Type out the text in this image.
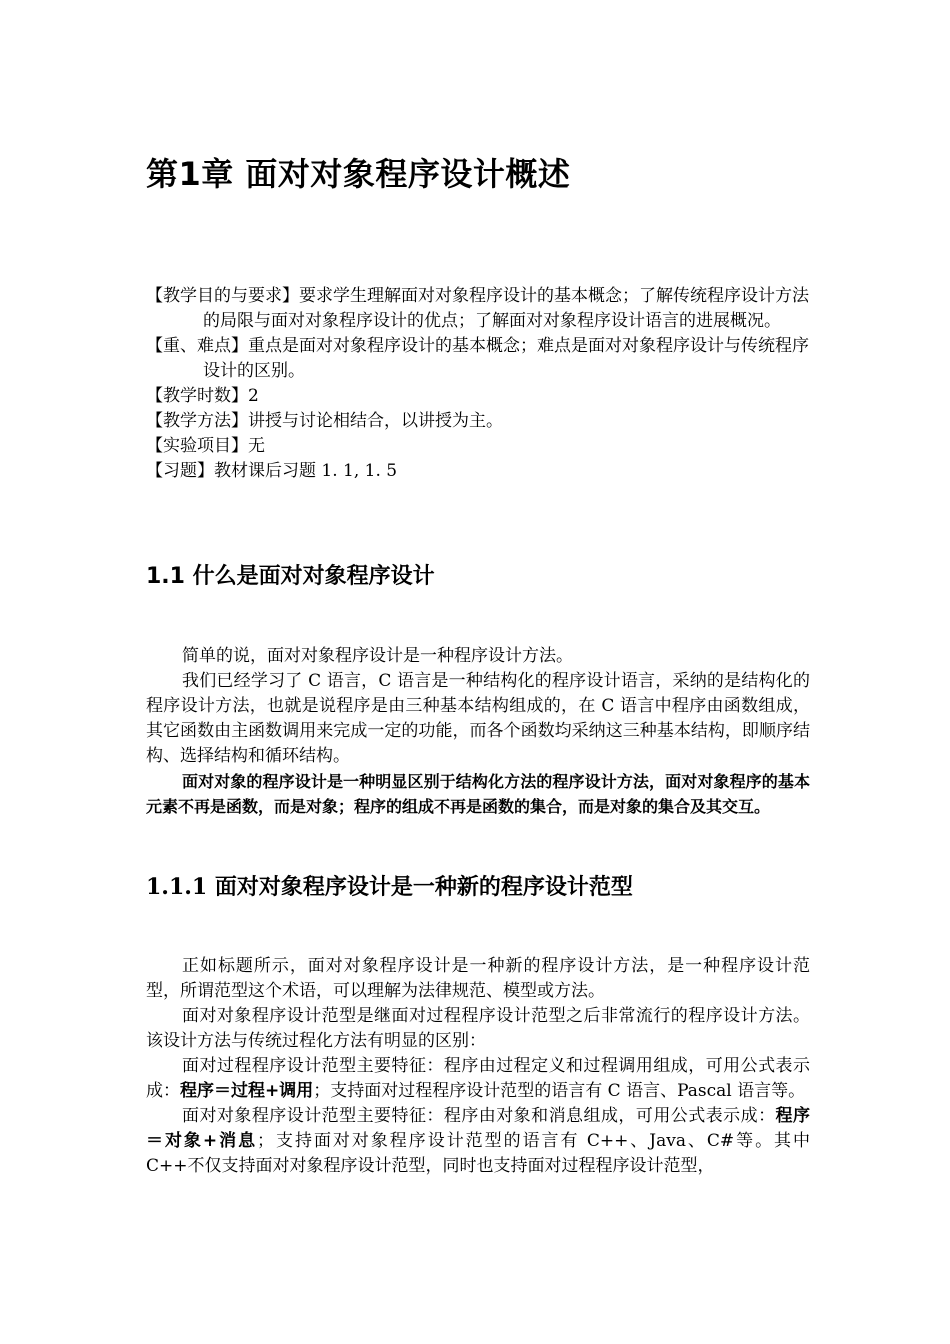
第1章 面对对象程序设计概述
【教学目的与要求】要求学生理解面对对象程序设计的基本概念；了解传统程序设计方法的局限与面对对象程序设计的优点；了解面对对象程序设计语言的进展概况。
【重、难点】重点是面对对象程序设计的基本概念；难点是面对对象程序设计与传统程序设计的区别。
【教学时数】2
【教学方法】讲授与讨论相结合，以讲授为主。
【实验项目】无
【习题】教材课后习题 1. 1, 1. 5
1.1 什么是面对对象程序设计

简单的说，面对对象程序设计是一种程序设计方法。

我们已经学习了 C 语言，C 语言是一种结构化的程序设计语言，采纳的是结构化的程序设计方法，也就是说程序是由三种基本结构组成的，在 C 语言中程序由函数组成，其它函数由主函数调用来完成一定的功能，而各个函数均采纳这三种基本结构，即顺序结构、选择结构和循环结构。

面对对象的程序设计是一种明显区别于结构化方法的程序设计方法，面对对象程序的基本元素不再是函数，而是对象；程序的组成不再是函数的集合，而是对象的集合及其交互。

1.1.1 面对对象程序设计是一种新的程序设计范型

正如标题所示，面对对象程序设计是一种新的程序设计方法，是一种程序设计范型，所谓范型这个术语，可以理解为法律规范、模型或方法。

面对对象程序设计范型是继面对过程程序设计范型之后非常流行的程序设计方法。该设计方法与传统过程化方法有明显的区别：

面对过程程序设计范型主要特征：程序由过程定义和过程调用组成，可用公式表示成：程序＝过程+调用；支持面对过程程序设计范型的语言有 C 语言、Pascal 语言等。

面对对象程序设计范型主要特征：程序由对象和消息组成，可用公式表示成：程序＝对象+消息；支持面对对象程序设计范型的语言有 C++、Java、C#等。其中 C++不仅支持面对对象程序设计范型，同时也支持面对过程程序设计范型，
